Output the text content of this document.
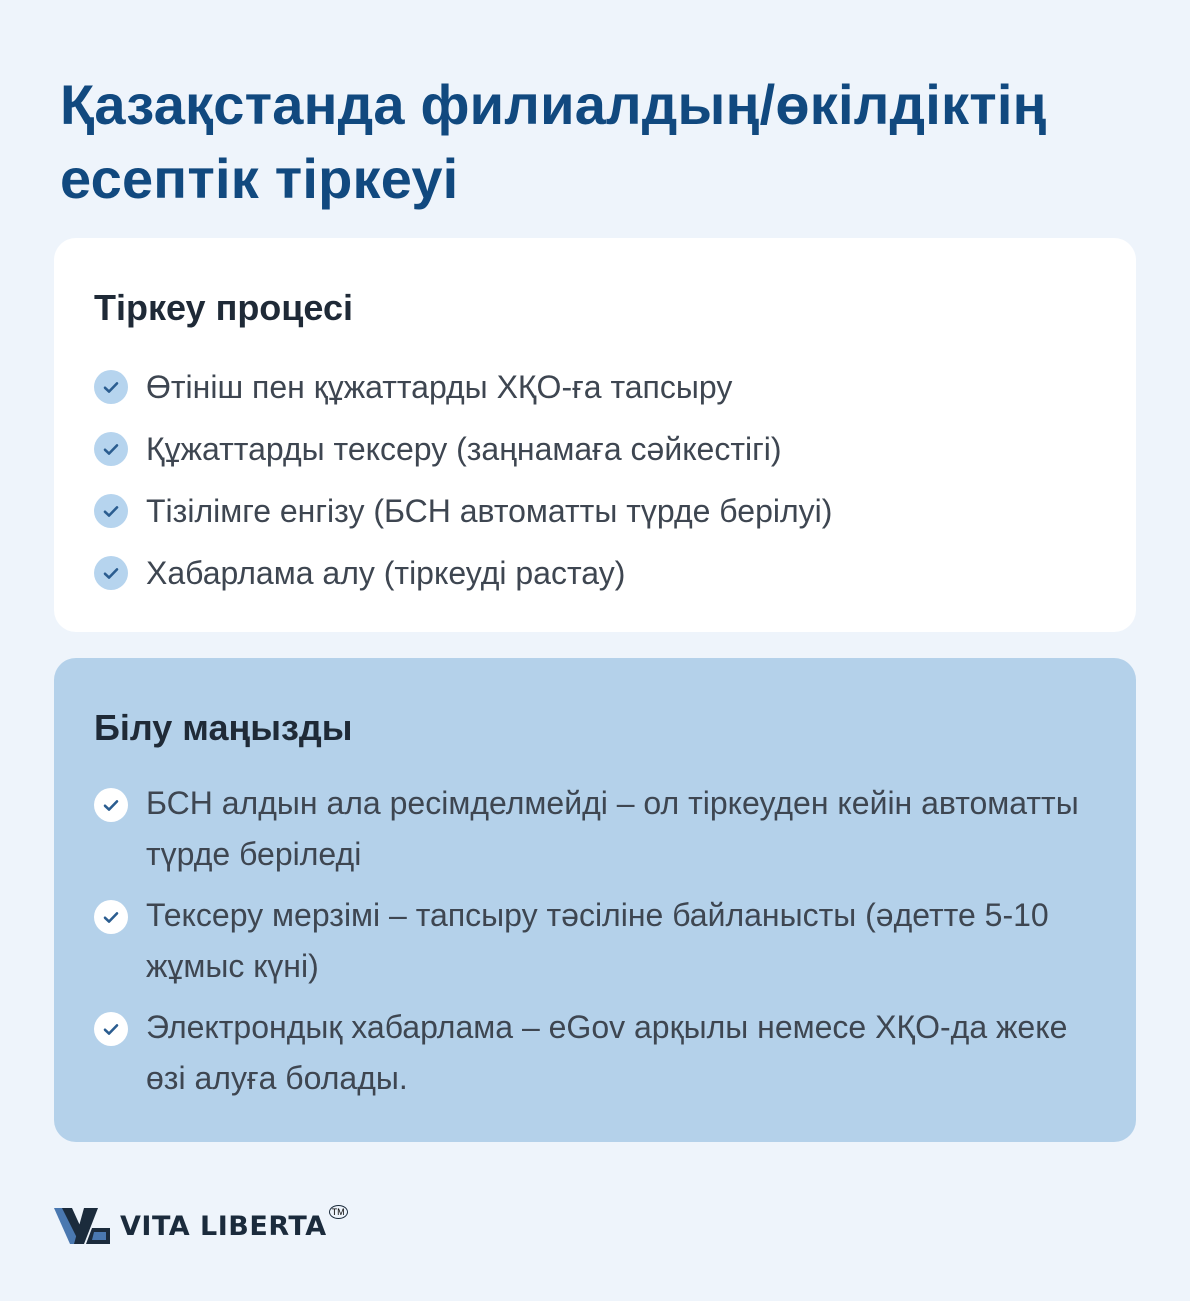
Қазақстанда филиалдың/өкілдіктің есептік тіркеуі
Тіркеу процесі
Өтініш пен құжаттарды ХҚО-ға тапсыру
Құжаттарды тексеру (заңнамаға сәйкестігі)
Тізілімге енгізу (БСН автоматты түрде берілуі)
Хабарлама алу (тіркеуді растау)
Білу маңызды
БСН алдын ала ресімделмейді – ол тіркеуден кейін автоматты түрде беріледі
Тексеру мерзімі – тапсыру тәсіліне байланысты (әдетте 5-10 жұмыс күні)
Электрондық хабарлама – eGov арқылы немесе ХҚО-да жеке өзі алуға болады.
VITA LIBERTA TM
